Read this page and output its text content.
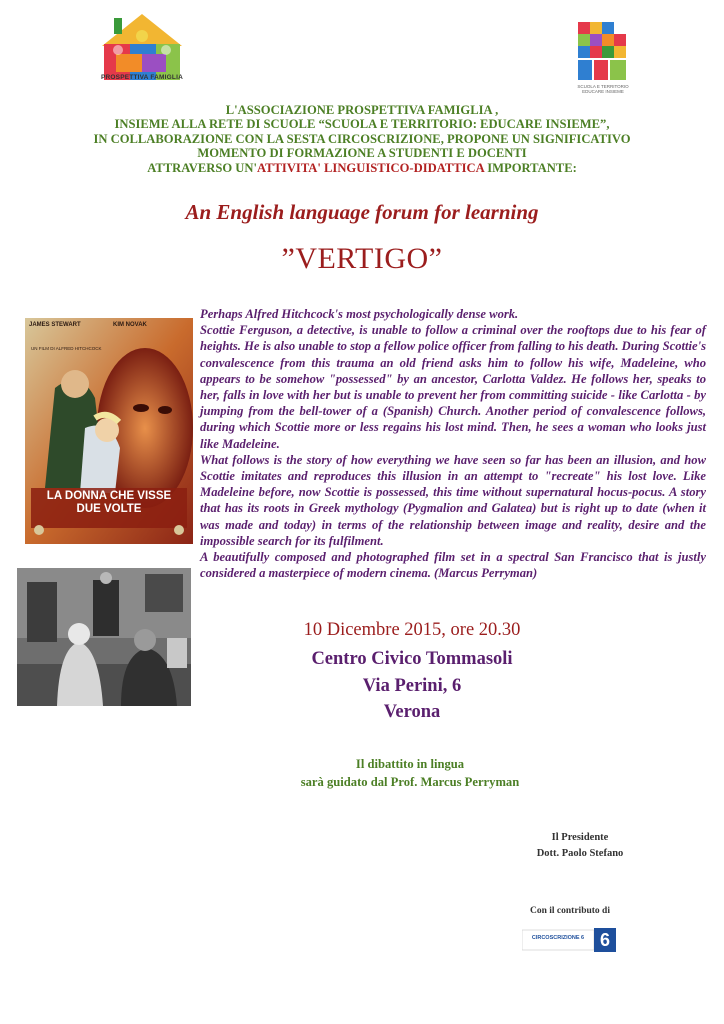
PROSPETTIVA FAMIGLIA
SCUOLA E TERRITORIO
EDUCARE INSIEME
L'ASSOCIAZIONE PROSPETTIVA FAMIGLIA ,
INSIEME ALLA RETE DI SCUOLE “SCUOLA E TERRITORIO: EDUCARE INSIEME”,
IN COLLABORAZIONE CON LA SESTA CIRCOSCRIZIONE, PROPONE UN SIGNIFICATIVO
MOMENTO DI FORMAZIONE A STUDENTI E DOCENTI
ATTRAVERSO UN'ATTIVITA' LINGUISTICO-DIDATTICA IMPORTANTE:
An English language forum for learning
”VERTIGO”
JAMES STEWART	KIM NOVAK
UN FILM DI ALFRED HITCHCOCK
LA DONNA CHE VISSE
DUE VOLTE

Perhaps Alfred Hitchcock's most psychologically dense work.

Scottie Ferguson, a detective, is unable to follow a criminal over the rooftops due to his fear of heights. He is also unable to stop a fellow police officer from falling to his death. During Scottie's convalescence from this trauma an old friend asks him to follow his wife, Madeleine, who appears to be somehow "possessed" by an ancestor, Carlotta Valdez. He follows her, speaks to her, falls in love with her but is unable to prevent her from committing suicide - like Carlotta - by jumping from the bell-tower of a (Spanish) Church. Another period of convalescence follows, during which Scottie more or less regains his lost mind. Then, he sees a woman who looks just like Madeleine.

What follows is the story of how everything we have seen so far has been an illusion, and how Scottie imitates and reproduces this illusion in an attempt to "recreate" his lost love. Like Madeleine before, now Scottie is possessed, this time without supernatural hocus-pocus. A story that has its roots in Greek mythology (Pygmalion and Galatea) but is right up to date (when it was made and today) in terms of the relationship between image and reality, desire and the impossible search for its fulfilment.

A beautifully composed and photographed film set in a spectral San Francisco that is justly considered a masterpiece of modern cinema. (Marcus Perryman)

10 Dicembre 2015, ore 20.30
Centro Civico Tommasoli
Via Perini, 6
Verona
Il dibattito in lingua
sarà guidato dal Prof. Marcus Perryman
Il Presidente
Dott. Paolo Stefano
Con il contributo di
CIRCOSCRIZIONE 6 6
